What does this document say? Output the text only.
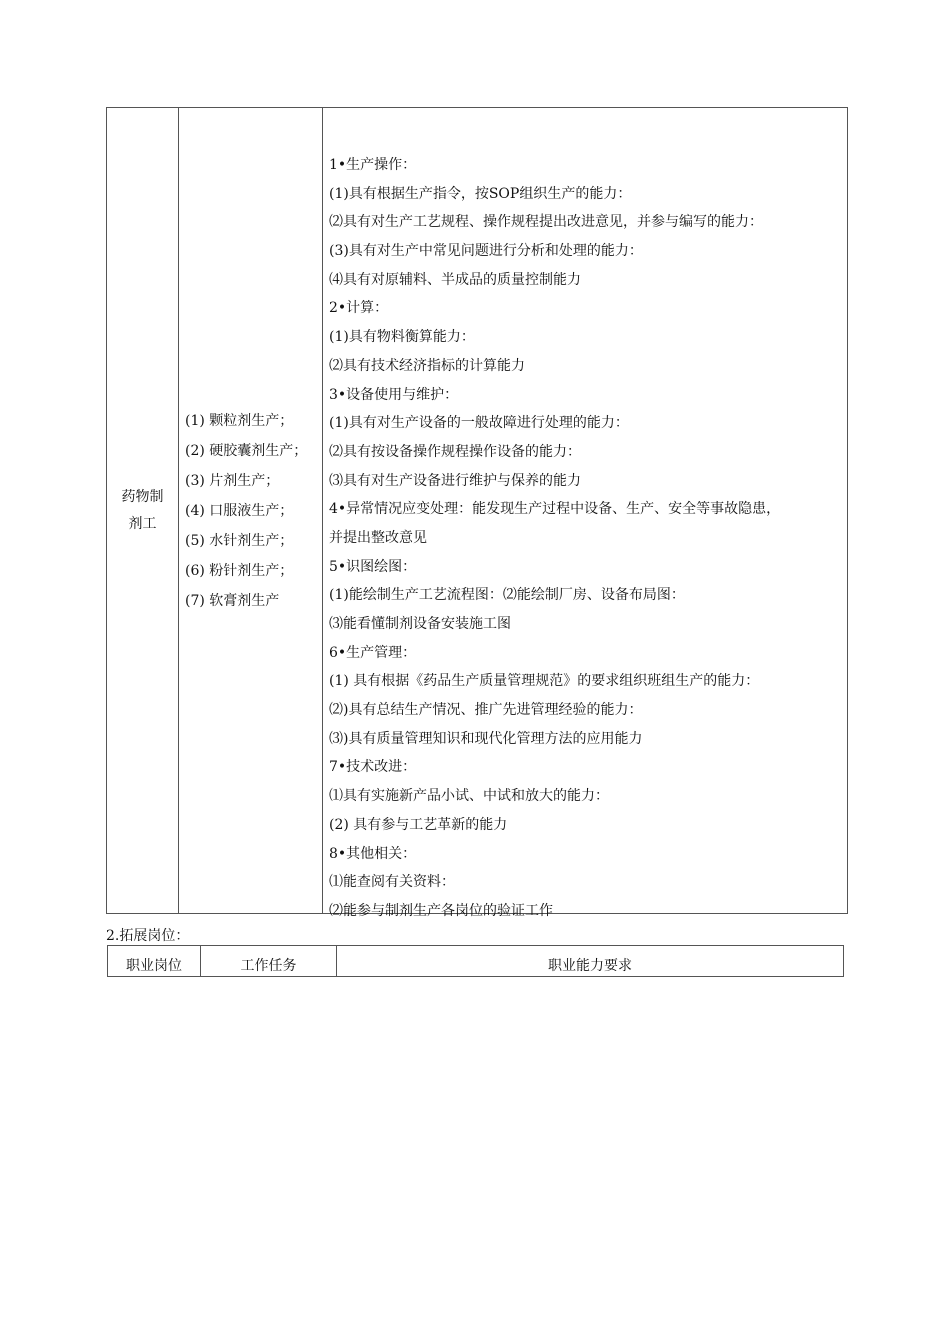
药物制剂工
(1) 颗粒剂生产；
(2) 硬胶囊剂生产；
(3) 片剂生产；
(4) 口服液生产；
(5) 水针剂生产；
(6) 粉针剂生产；
(7) 软膏剂生产
1•生产操作：
(1)具有根据生产指令，按SOP组织生产的能力：
⑵具有对生产工艺规程、操作规程提出改进意见，并参与编写的能力：
(3)具有对生产中常见问题进行分析和处理的能力：
⑷具有对原辅料、半成品的质量控制能力
2•计算：
(1)具有物料衡算能力：
⑵具有技术经济指标的计算能力
3•设备使用与维护：
(1)具有对生产设备的一般故障进行处理的能力：
⑵具有按设备操作规程操作设备的能力：
⑶具有对生产设备进行维护与保养的能力
4•异常情况应变处理：能发现生产过程中设备、生产、安全等事故隐患，
并提出整改意见
5•识图绘图：
(1)能绘制生产工艺流程图：⑵能绘制厂房、设备布局图：
⑶能看懂制剂设备安装施工图
6•生产管理：
(1) 具有根据《药品生产质量管理规范》的要求组织班组生产的能力：
⑵)具有总结生产情况、推广先进管理经验的能力：
⑶)具有质量管理知识和现代化管理方法的应用能力
7•技术改进：
⑴具有实施新产品小试、中试和放大的能力：
(2) 具有参与工艺革新的能力
8•其他相关：
⑴能查阅有关资料：
⑵能参与制剂生产各岗位的验证工作
2.拓展岗位：
职业岗位	工作任务	职业能力要求
